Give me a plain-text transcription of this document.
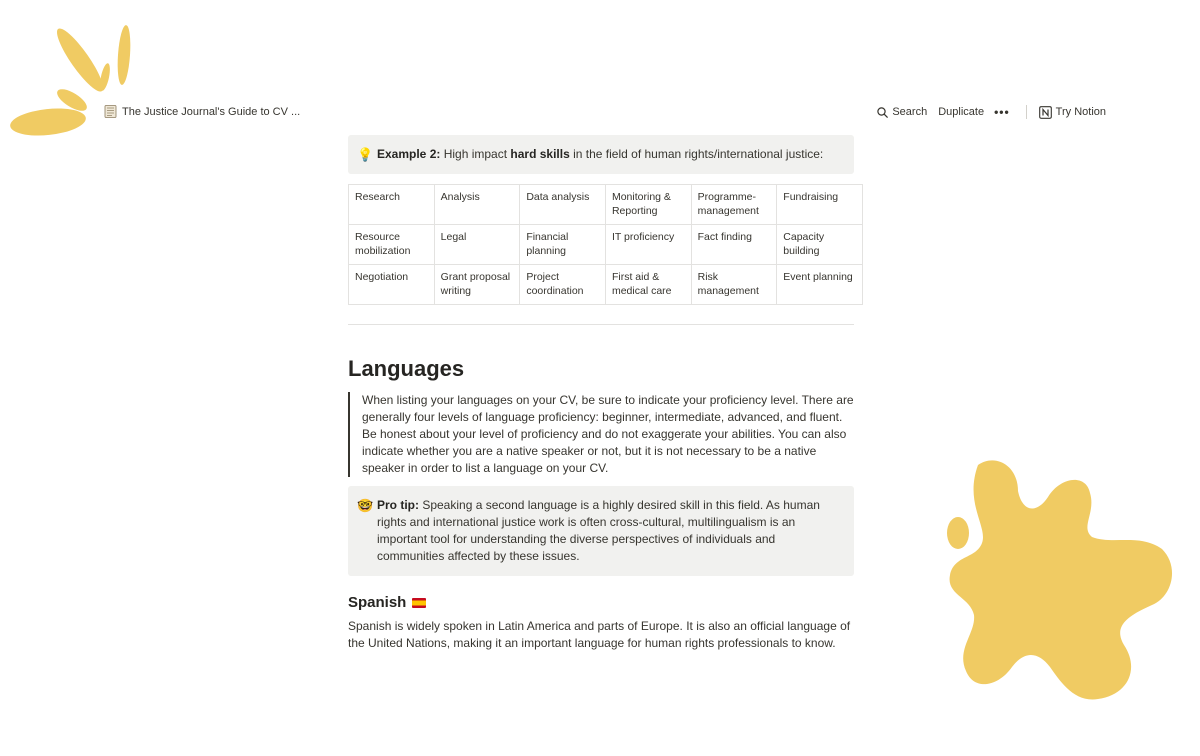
The Justice Journal's Guide to CV ...	Search Duplicate •••	Try Notion
💡 Example 2: High impact hard skills in the field of human rights/international justice:
Research	Analysis	Data analysis	Monitoring & Reporting	Programme-management	Fundraising
Resource mobilization	Legal	Financial planning	IT proficiency	Fact finding	Capacity building
Negotiation	Grant proposal writing	Project coordination	First aid & medical care	Risk management	Event planning
Languages
When listing your languages on your CV, be sure to indicate your proficiency level. There are generally four levels of language proficiency: beginner, intermediate, advanced, and fluent. Be honest about your level of proficiency and do not exaggerate your abilities. You can also indicate whether you are a native speaker or not, but it is not necessary to be a native speaker in order to list a language on your CV.
🤓 Pro tip: Speaking a second language is a highly desired skill in this field. As human rights and international justice work is often cross-cultural, multilingualism is an important tool for understanding the diverse perspectives of individuals and communities affected by these issues.
Spanish

Spanish is widely spoken in Latin America and parts of Europe. It is also an official language of the United Nations, making it an important language for human rights professionals to know.
